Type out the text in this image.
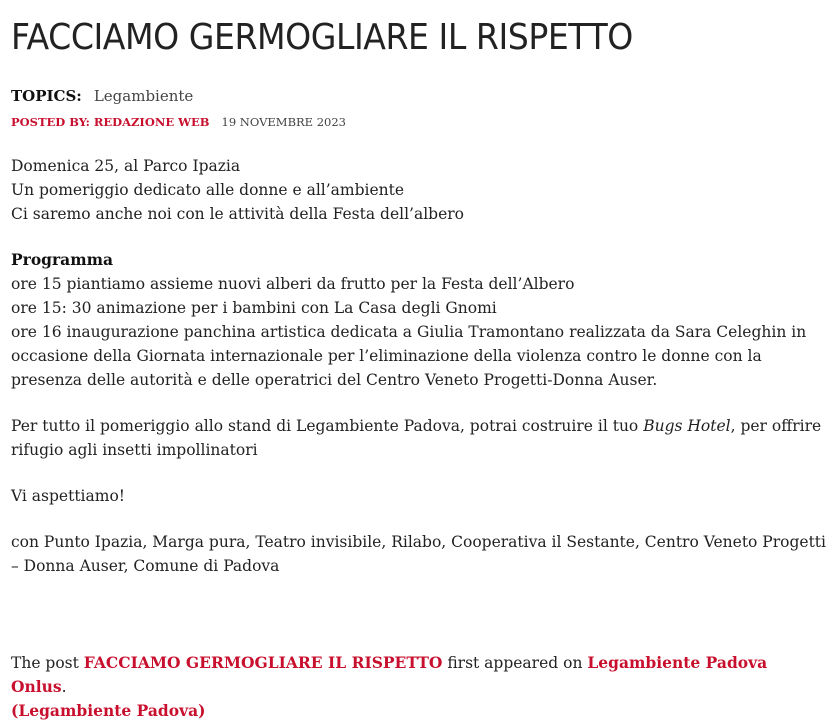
FACCIAMO GERMOGLIARE IL RISPETTO
TOPICS: Legambiente
POSTED BY: REDAZIONE WEB 19 NOVEMBRE 2023

Domenica 25, al Parco Ipazia
Un pomeriggio dedicato alle donne e all’ambiente
Ci saremo anche noi con le attività della Festa dell’albero

Programma
ore 15 piantiamo assieme nuovi alberi da frutto per la Festa dell’Albero
ore 15: 30 animazione per i bambini con La Casa degli Gnomi
ore 16 inaugurazione panchina artistica dedicata a Giulia Tramontano realizzata da Sara Celeghin in
occasione della Giornata internazionale per l’eliminazione della violenza contro le donne con la
presenza delle autorità e delle operatrici del Centro Veneto Progetti-Donna Auser.

Per tutto il pomeriggio allo stand di Legambiente Padova, potrai costruire il tuo Bugs Hotel, per offrire
rifugio agli insetti impollinatori

Vi aspettiamo!

con Punto Ipazia, Marga pura, Teatro invisibile, Rilabo, Cooperativa il Sestante, Centro Veneto Progetti
– Donna Auser, Comune di Padova

The post FACCIAMO GERMOGLIARE IL RISPETTO first appeared on Legambiente Padova Onlus.
(Legambiente Padova)
